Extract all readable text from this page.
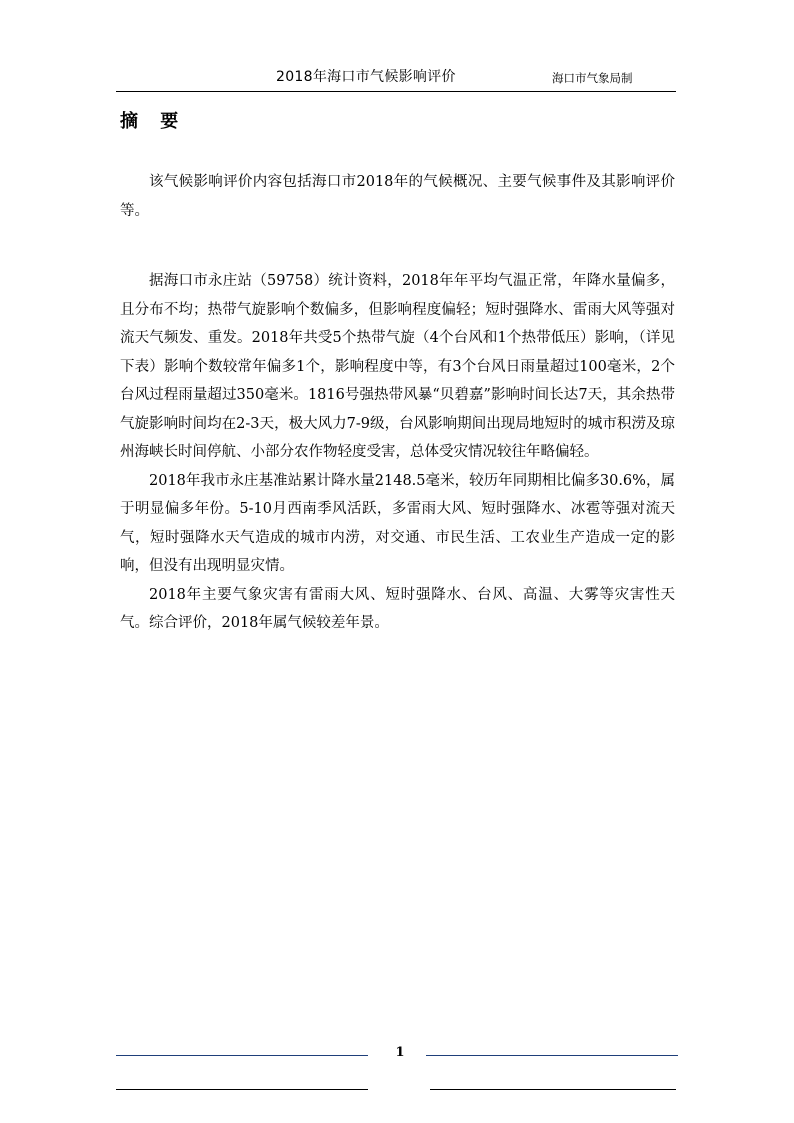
2018年海口市气候影响评价	海口市气象局制
摘 要

该气候影响评价内容包括海口市2018年的气候概况、主要气候事件及其影响评价等。

据海口市永庄站（59758）统计资料，2018年年平均气温正常，年降水量偏多，且分布不均；热带气旋影响个数偏多，但影响程度偏轻；短时强降水、雷雨大风等强对流天气频发、重发。2018年共受5个热带气旋（4个台风和1个热带低压）影响，（详见下表）影响个数较常年偏多1个，影响程度中等，有3个台风日雨量超过100毫米，2个台风过程雨量超过350毫米。1816号强热带风暴“贝碧嘉”影响时间长达7天，其余热带气旋影响时间均在2-3天，极大风力7-9级，台风影响期间出现局地短时的城市积涝及琼州海峡长时间停航、小部分农作物轻度受害，总体受灾情况较往年略偏轻。

2018年我市永庄基准站累计降水量2148.5毫米，较历年同期相比偏多30.6%，属于明显偏多年份。5-10月西南季风活跃，多雷雨大风、短时强降水、冰雹等强对流天气，短时强降水天气造成的城市内涝，对交通、市民生活、工农业生产造成一定的影响，但没有出现明显灾情。

2018年主要气象灾害有雷雨大风、短时强降水、台风、高温、大雾等灾害性天气。综合评价，2018年属气候较差年景。

1
